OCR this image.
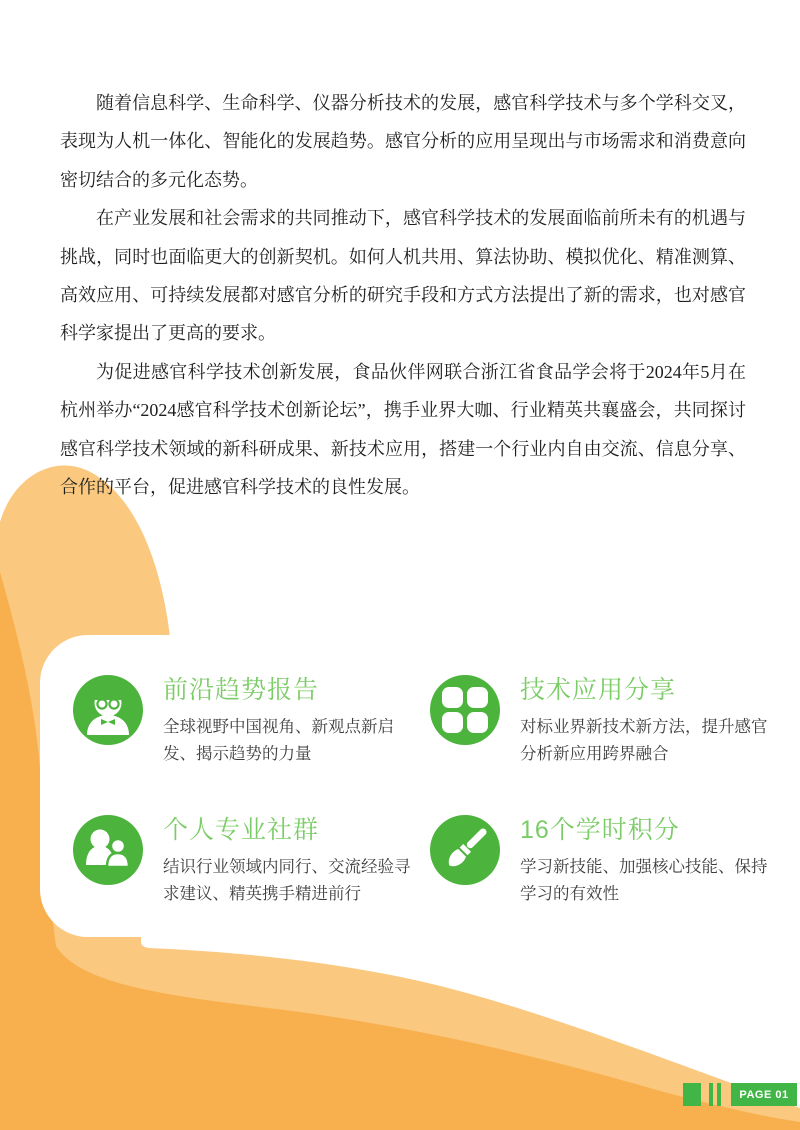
随着信息科学、生命科学、仪器分析技术的发展，感官科学技术与多个学科交叉，表现为人机一体化、智能化的发展趋势。感官分析的应用呈现出与市场需求和消费意向密切结合的多元化态势。

在产业发展和社会需求的共同推动下，感官科学技术的发展面临前所未有的机遇与挑战，同时也面临更大的创新契机。如何人机共用、算法协助、模拟优化、精准测算、高效应用、可持续发展都对感官分析的研究手段和方式方法提出了新的需求，也对感官科学家提出了更高的要求。

为促进感官科学技术创新发展，食品伙伴网联合浙江省食品学会将于2024年5月在杭州举办“2024感官科学技术创新论坛”，携手业界大咖、行业精英共襄盛会，共同探讨感官科学技术领域的新科研成果、新技术应用，搭建一个行业内自由交流、信息分享、合作的平台，促进感官科学技术的良性发展。

前沿趋势报告
全球视野中国视角、新观点新启发、揭示趋势的力量
技术应用分享
对标业界新技术新方法，提升感官分析新应用跨界融合
个人专业社群
结识行业领域内同行、交流经验寻求建议、精英携手精进前行
16个学时积分
学习新技能、加强核心技能、保持学习的有效性
PAGE 01
